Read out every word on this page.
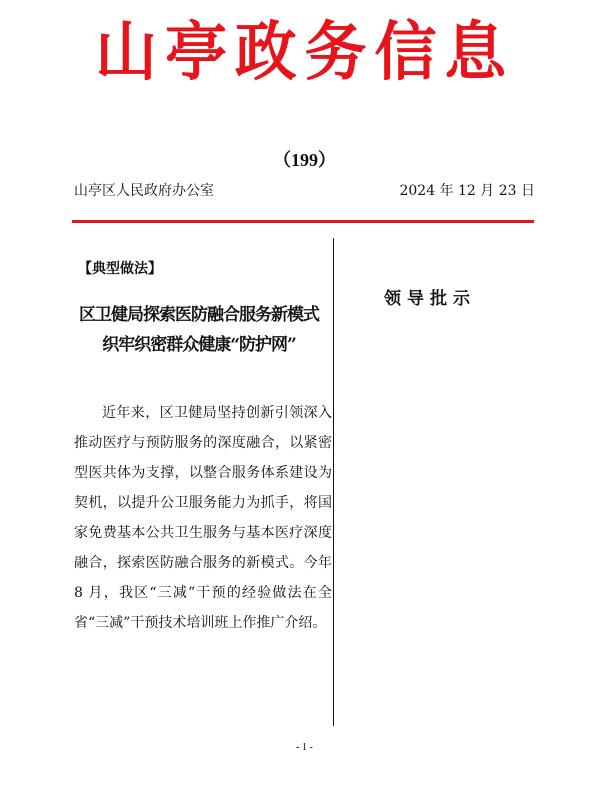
山亭政务信息
（199）
山亭区人民政府办公室	2024 年 12 月 23 日
【典型做法】
区卫健局探索医防融合服务新模式
织牢织密群众健康“防护网”
近年来，区卫健局坚持创新引领深入推动医疗与预防服务的深度融合，以紧密型医共体为支撑，以整合服务体系建设为契机，以提升公卫服务能力为抓手，将国家免费基本公共卫生服务与基本医疗深度融合，探索医防融合服务的新模式。今年 8 月，我区“三减”干预的经验做法在全省“三减”干预技术培训班上作推广介绍。
领导批示
- 1 -
